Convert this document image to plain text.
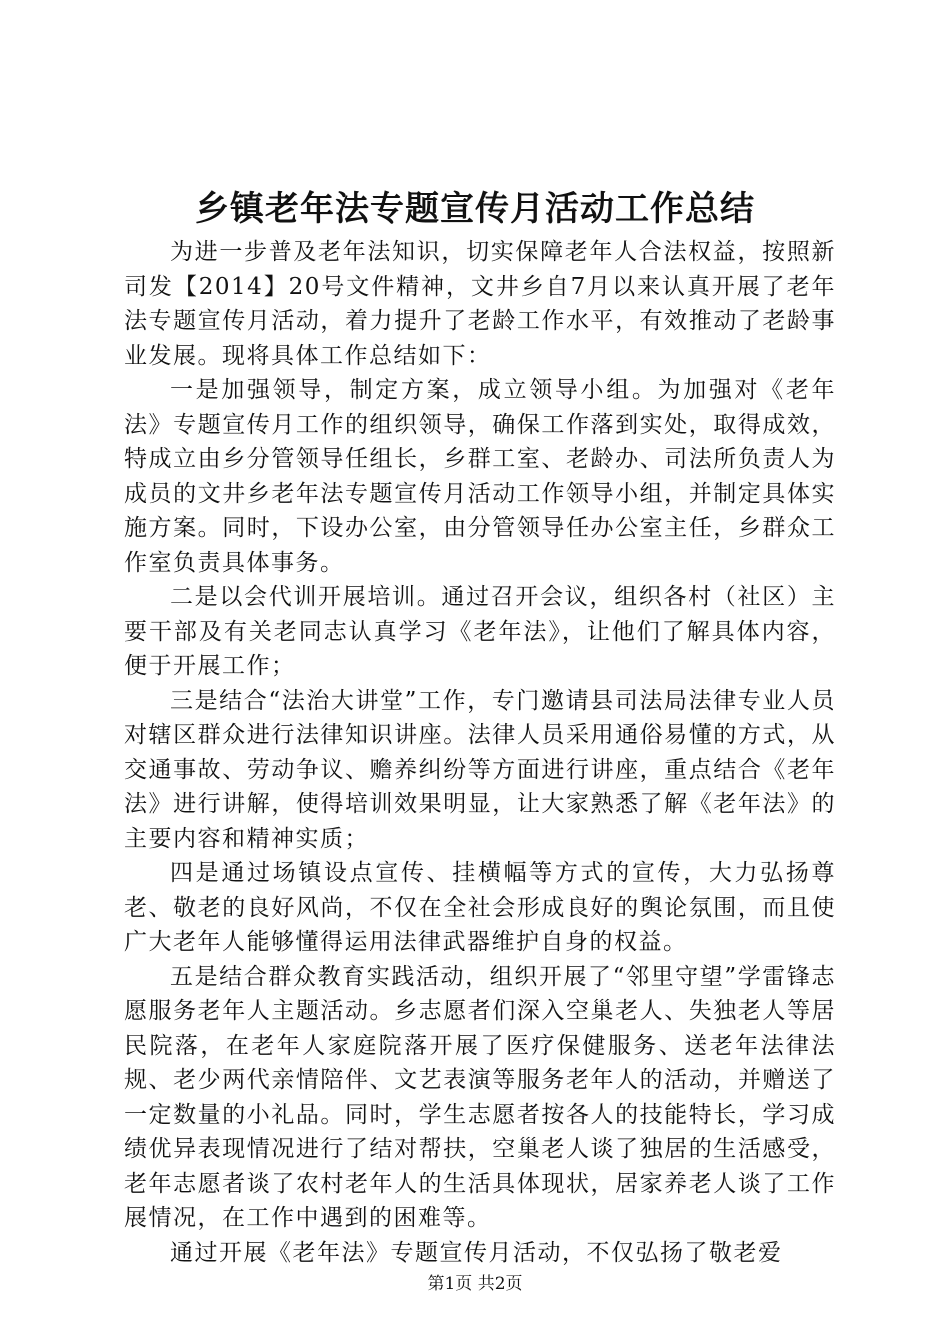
乡镇老年法专题宣传月活动工作总结

为进一步普及老年法知识，切实保障老年人合法权益，按照新司发【2014】20号文件精神，文井乡自7月以来认真开展了老年法专题宣传月活动，着力提升了老龄工作水平，有效推动了老龄事业发展。现将具体工作总结如下：

一是加强领导，制定方案，成立领导小组。为加强对《老年法》专题宣传月工作的组织领导，确保工作落到实处，取得成效，特成立由乡分管领导任组长，乡群工室、老龄办、司法所负责人为成员的文井乡老年法专题宣传月活动工作领导小组，并制定具体实施方案。同时，下设办公室，由分管领导任办公室主任，乡群众工作室负责具体事务。

二是以会代训开展培训。通过召开会议，组织各村（社区）主要干部及有关老同志认真学习《老年法》，让他们了解具体内容，便于开展工作；

三是结合“法治大讲堂”工作，专门邀请县司法局法律专业人员对辖区群众进行法律知识讲座。法律人员采用通俗易懂的方式，从交通事故、劳动争议、赡养纠纷等方面进行讲座，重点结合《老年法》进行讲解，使得培训效果明显，让大家熟悉了解《老年法》的主要内容和精神实质；

四是通过场镇设点宣传、挂横幅等方式的宣传，大力弘扬尊老、敬老的良好风尚，不仅在全社会形成良好的舆论氛围，而且使广大老年人能够懂得运用法律武器维护自身的权益。

五是结合群众教育实践活动，组织开展了“邻里守望”学雷锋志愿服务老年人主题活动。乡志愿者们深入空巢老人、失独老人等居民院落，在老年人家庭院落开展了医疗保健服务、送老年法律法规、老少两代亲情陪伴、文艺表演等服务老年人的活动，并赠送了一定数量的小礼品。同时，学生志愿者按各人的技能特长，学习成绩优异表现情况进行了结对帮扶，空巢老人谈了独居的生活感受，老年志愿者谈了农村老年人的生活具体现状，居家养老人谈了工作展情况，在工作中遇到的困难等。

通过开展《老年法》专题宣传月活动，不仅弘扬了敬老爱

第1页 共2页
